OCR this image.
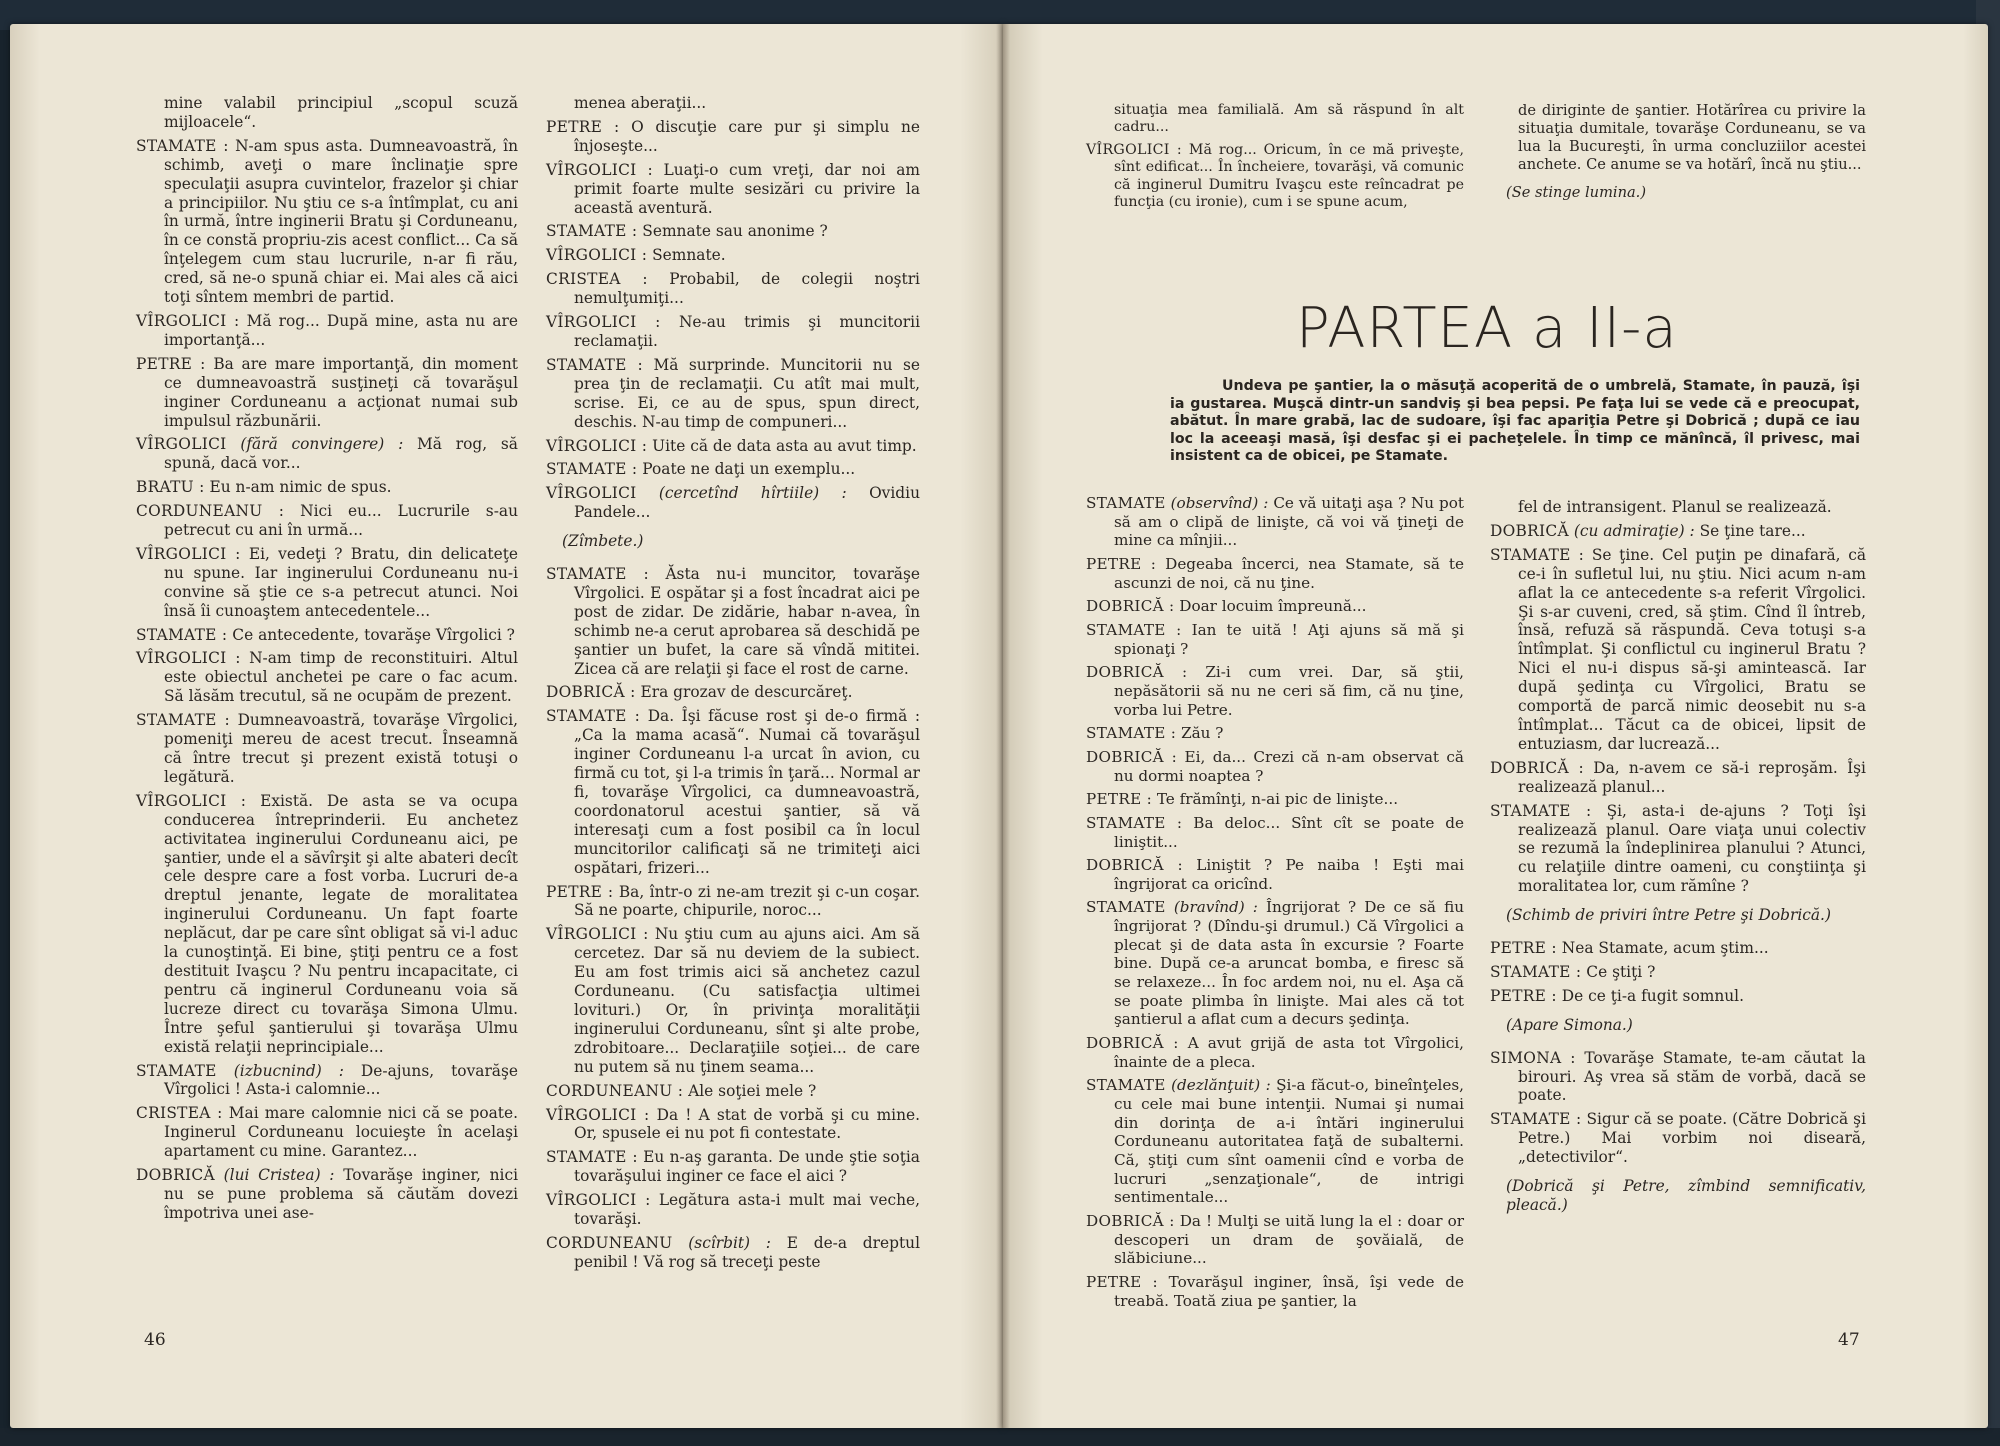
mine valabil principiul „scopul scuză mijloacele“.

STAMATE : N-am spus asta. Dumneavoastră, în schimb, aveţi o mare înclinaţie spre speculaţii asupra cuvintelor, frazelor şi chiar a principiilor. Nu ştiu ce s-a întîmplat, cu ani în urmă, între inginerii Bratu şi Corduneanu, în ce constă propriu-zis acest conflict... Ca să înţelegem cum stau lucrurile, n-ar fi rău, cred, să ne-o spună chiar ei. Mai ales că aici toţi sîntem membri de partid.

VÎRGOLICI : Mă rog... După mine, asta nu are importanţă...

PETRE : Ba are mare importanţă, din moment ce dumneavoastră susţineţi că tovarăşul inginer Corduneanu a acţionat numai sub impulsul răzbunării.

VÎRGOLICI (fără convingere) : Mă rog, să spună, dacă vor...

BRATU : Eu n-am nimic de spus.

CORDUNEANU : Nici eu... Lucrurile s-au petrecut cu ani în urmă...

VÎRGOLICI : Ei, vedeţi ? Bratu, din delicateţe nu spune. Iar inginerului Corduneanu nu-i convine să ştie ce s-a petrecut atunci. Noi însă îi cunoaştem antecedentele...

STAMATE : Ce antecedente, tovarăşe Vîrgolici ?

VÎRGOLICI : N-am timp de reconstituiri. Altul este obiectul anchetei pe care o fac acum. Să lăsăm trecutul, să ne ocupăm de prezent.

STAMATE : Dumneavoastră, tovarăşe Vîrgolici, pomeniţi mereu de acest trecut. Înseamnă că între trecut şi prezent există totuşi o legătură.

VÎRGOLICI : Există. De asta se va ocupa conducerea întreprinderii. Eu anchetez activitatea inginerului Corduneanu aici, pe şantier, unde el a săvîrşit şi alte abateri decît cele despre care a fost vorba. Lucruri de-a dreptul jenante, legate de moralitatea inginerului Corduneanu. Un fapt foarte neplăcut, dar pe care sînt obligat să vi-l aduc la cunoştinţă. Ei bine, ştiţi pentru ce a fost destituit Ivaşcu ? Nu pentru incapacitate, ci pentru că inginerul Corduneanu voia să lucreze direct cu tovarăşa Simona Ulmu. Între şeful şantierului şi tovarăşa Ulmu există relaţii neprincipiale...

STAMATE (izbucnind) : De-ajuns, tovarăşe Vîrgolici ! Asta-i calomnie...

CRISTEA : Mai mare calomnie nici că se poate. Inginerul Corduneanu locuieşte în acelaşi apartament cu mine. Garantez...

DOBRICĂ (lui Cristea) : Tovarăşe inginer, nici nu se pune problema să căutăm dovezi împotriva unei ase-

menea aberaţii...

PETRE : O discuţie care pur şi simplu ne înjoseşte...

VÎRGOLICI : Luaţi-o cum vreţi, dar noi am primit foarte multe sesizări cu privire la această aventură.

STAMATE : Semnate sau anonime ?

VÎRGOLICI : Semnate.

CRISTEA : Probabil, de colegii noştri nemulţumiţi...

VÎRGOLICI : Ne-au trimis şi muncitorii reclamaţii.

STAMATE : Mă surprinde. Muncitorii nu se prea ţin de reclamaţii. Cu atît mai mult, scrise. Ei, ce au de spus, spun direct, deschis. N-au timp de compuneri...

VÎRGOLICI : Uite că de data asta au avut timp.

STAMATE : Poate ne daţi un exemplu...

VÎRGOLICI (cercetînd hîrtiile) : Ovidiu Pandele...

(Zîmbete.)

STAMATE : Ăsta nu-i muncitor, tovarăşe Vîrgolici. E ospătar şi a fost încadrat aici pe post de zidar. De zidărie, habar n-avea, în schimb ne-a cerut aprobarea să deschidă pe şantier un bufet, la care să vîndă mititei. Zicea că are relaţii şi face el rost de carne.

DOBRICĂ : Era grozav de descurcăreţ.

STAMATE : Da. Îşi făcuse rost şi de-o firmă : „Ca la mama acasă“. Numai că tovarăşul inginer Corduneanu l-a urcat în avion, cu firmă cu tot, şi l-a trimis în ţară... Normal ar fi, tovarăşe Vîrgolici, ca dumneavoastră, coordonatorul acestui şantier, să vă interesaţi cum a fost posibil ca în locul muncitorilor calificaţi să ne trimiteţi aici ospătari, frizeri...

PETRE : Ba, într-o zi ne-am trezit şi c-un coşar. Să ne poarte, chipurile, noroc...

VÎRGOLICI : Nu ştiu cum au ajuns aici. Am să cercetez. Dar să nu deviem de la subiect. Eu am fost trimis aici să anchetez cazul Corduneanu. (Cu satisfacţia ultimei lovituri.) Or, în privinţa moralităţii inginerului Corduneanu, sînt şi alte probe, zdrobitoare... Declaraţiile soţiei... de care nu putem să nu ţinem seama...

CORDUNEANU : Ale soţiei mele ?

VÎRGOLICI : Da ! A stat de vorbă şi cu mine. Or, spusele ei nu pot fi contestate.

STAMATE : Eu n-aş garanta. De unde ştie soţia tovarăşului inginer ce face el aici ?

VÎRGOLICI : Legătura asta-i mult mai veche, tovarăşi.

CORDUNEANU (scîrbit) : E de-a dreptul penibil ! Vă rog să treceţi peste

46

situaţia mea familială. Am să răspund în alt cadru...

VÎRGOLICI : Mă rog... Oricum, în ce mă priveşte, sînt edificat... În încheiere, tovarăşi, vă comunic că inginerul Dumitru Ivaşcu este reîncadrat pe funcţia (cu ironie), cum i se spune acum,

de diriginte de şantier. Hotărîrea cu privire la situaţia dumitale, tovarăşe Corduneanu, se va lua la Bucureşti, în urma concluziilor acestei anchete. Ce anume se va hotărî, încă nu ştiu...

(Se stinge lumina.)

PARTEA a II-a
Undeva pe şantier, la o măsuţă acoperită de o umbrelă, Stamate, în pauză, îşi ia gustarea. Muşcă dintr-un sandviş şi bea pepsi. Pe faţa lui se vede că e preocupat, abătut. În mare grabă, lac de sudoare, îşi fac apariţia Petre şi Dobrică ; după ce iau loc la aceeaşi masă, îşi desfac şi ei pacheţelele. În timp ce mănîncă, îl privesc, mai insistent ca de obicei, pe Stamate.

STAMATE (observînd) : Ce vă uitaţi aşa ? Nu pot să am o clipă de linişte, că voi vă ţineţi de mine ca mînjii...

PETRE : Degeaba încerci, nea Stamate, să te ascunzi de noi, că nu ţine.

DOBRICĂ : Doar locuim împreună...

STAMATE : Ian te uită ! Aţi ajuns să mă şi spionaţi ?

DOBRICĂ : Zi-i cum vrei. Dar, să ştii, nepăsătorii să nu ne ceri să fim, că nu ţine, vorba lui Petre.

STAMATE : Zău ?

DOBRICĂ : Ei, da... Crezi că n-am observat că nu dormi noaptea ?

PETRE : Te frămînţi, n-ai pic de linişte...

STAMATE : Ba deloc... Sînt cît se poate de liniştit...

DOBRICĂ : Liniştit ? Pe naiba ! Eşti mai îngrijorat ca oricînd.

STAMATE (bravînd) : Îngrijorat ? De ce să fiu îngrijorat ? (Dîndu-şi drumul.) Că Vîrgolici a plecat şi de data asta în excursie ? Foarte bine. După ce-a aruncat bomba, e firesc să se relaxeze... În foc ardem noi, nu el. Aşa că se poate plimba în linişte. Mai ales că tot şantierul a aflat cum a decurs şedinţa.

DOBRICĂ : A avut grijă de asta tot Vîrgolici, înainte de a pleca.

STAMATE (dezlănţuit) : Şi-a făcut-o, bineînţeles, cu cele mai bune intenţii. Numai şi numai din dorinţa de a-i întări inginerului Corduneanu autoritatea faţă de subalterni. Că, ştiţi cum sînt oamenii cînd e vorba de lucruri „senzaţionale“, de intrigi sentimentale...

DOBRICĂ : Da ! Mulţi se uită lung la el : doar or descoperi un dram de şovăială, de slăbiciune...

PETRE : Tovarăşul inginer, însă, îşi vede de treabă. Toată ziua pe şantier, la

fel de intransigent. Planul se realizează.

DOBRICĂ (cu admiraţie) : Se ţine tare...

STAMATE : Se ţine. Cel puţin pe dinafară, că ce-i în sufletul lui, nu ştiu. Nici acum n-am aflat la ce antecedente s-a referit Vîrgolici. Şi s-ar cuveni, cred, să ştim. Cînd îl întreb, însă, refuză să răspundă. Ceva totuşi s-a întîmplat. Şi conflictul cu inginerul Bratu ? Nici el nu-i dispus să-şi amintească. Iar după şedinţa cu Vîrgolici, Bratu se comportă de parcă nimic deosebit nu s-a întîmplat... Tăcut ca de obicei, lipsit de entuziasm, dar lucrează...

DOBRICĂ : Da, n-avem ce să-i reproşăm. Îşi realizează planul...

STAMATE : Şi, asta-i de-ajuns ? Toţi îşi realizează planul. Oare viaţa unui colectiv se rezumă la îndeplinirea planului ? Atunci, cu relaţiile dintre oameni, cu conştiinţa şi moralitatea lor, cum rămîne ?

(Schimb de priviri între Petre şi Dobrică.)

PETRE : Nea Stamate, acum ştim...

STAMATE : Ce ştiţi ?

PETRE : De ce ţi-a fugit somnul.

(Apare Simona.)

SIMONA : Tovarăşe Stamate, te-am căutat la birouri. Aş vrea să stăm de vorbă, dacă se poate.

STAMATE : Sigur că se poate. (Către Dobrică şi Petre.) Mai vorbim noi diseară, „detectivilor“.

(Dobrică şi Petre, zîmbind semnificativ, pleacă.)

47
